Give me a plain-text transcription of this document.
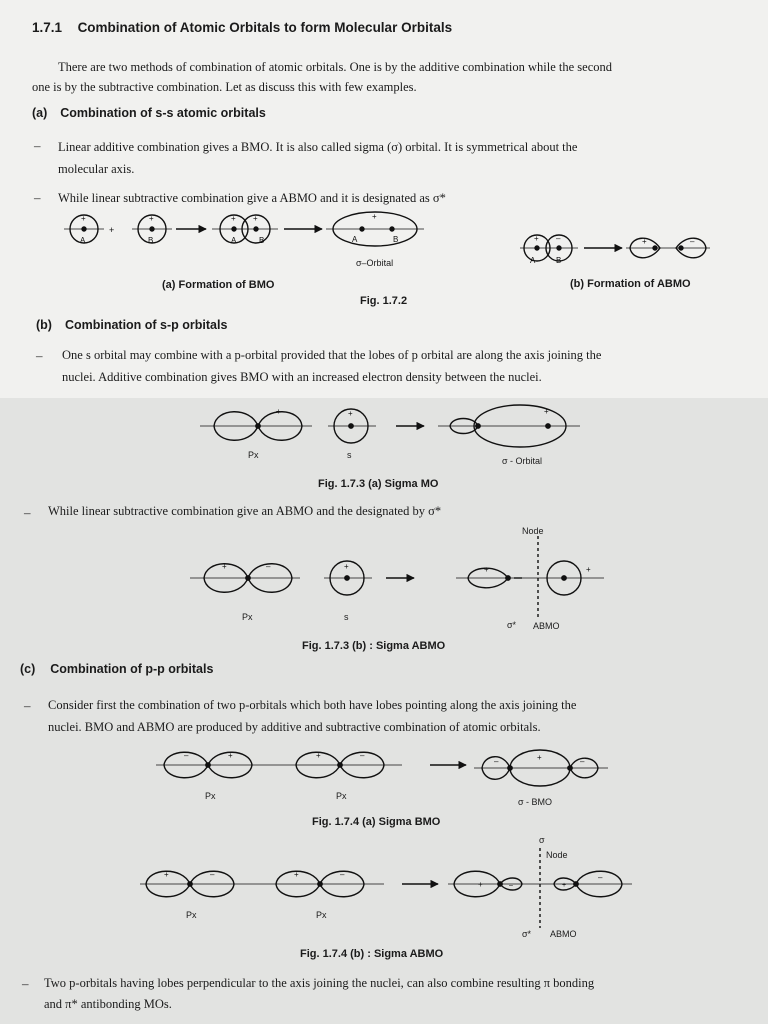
1.7.1 Combination of Atomic Orbitals to form Molecular Orbitals
There are two methods of combination of atomic orbitals. One is by the additive combination while the second
one is by the subtractive combination. Let as discuss this with few examples.
(a) Combination of s-s atomic orbitals
– Linear additive combination gives a BMO. It is also called sigma (σ) orbital. It is symmetrical about the
molecular axis.
– While linear subtractive combination give a ABMO and it is designated as σ*
σ–Orbital
(a) Formation of BMO	(b) Formation of ABMO
Fig. 1.7.2
(b) Combination of s-p orbitals
– One s orbital may combine with a p-orbital provided that the lobes of p orbital are along the axis joining the
nuclei. Additive combination gives BMO with an increased electron density between the nuclei.
Px	s
σ - Orbital
Fig. 1.7.3 (a) Sigma MO
– While linear subtractive combination give an ABMO and the designated by σ*
Node
Px	s
σ* ABMO
Fig. 1.7.3 (b) : Sigma ABMO
(c) Combination of p-p orbitals
– Consider first the combination of two p-orbitals which both have lobes pointing along the axis joining the
nuclei. BMO and ABMO are produced by additive and subtractive combination of atomic orbitals.
Px	Px
σ - BMO
Fig. 1.7.4 (a) Sigma BMO
σ
Node
Px	Px
σ* ABMO
Fig. 1.7.4 (b) : Sigma ABMO
– Two p-orbitals having lobes perpendicular to the axis joining the nuclei, can also combine resulting π bonding
and π* antibonding MOs.
+
A
+
+
B
+ +
A	B
+
A	B	+ –
A	B
+	–
–	+	+	+
+	–	+	+	+
–	+	+	–
–	+	–
+	–	+	–
+	–	+
–
